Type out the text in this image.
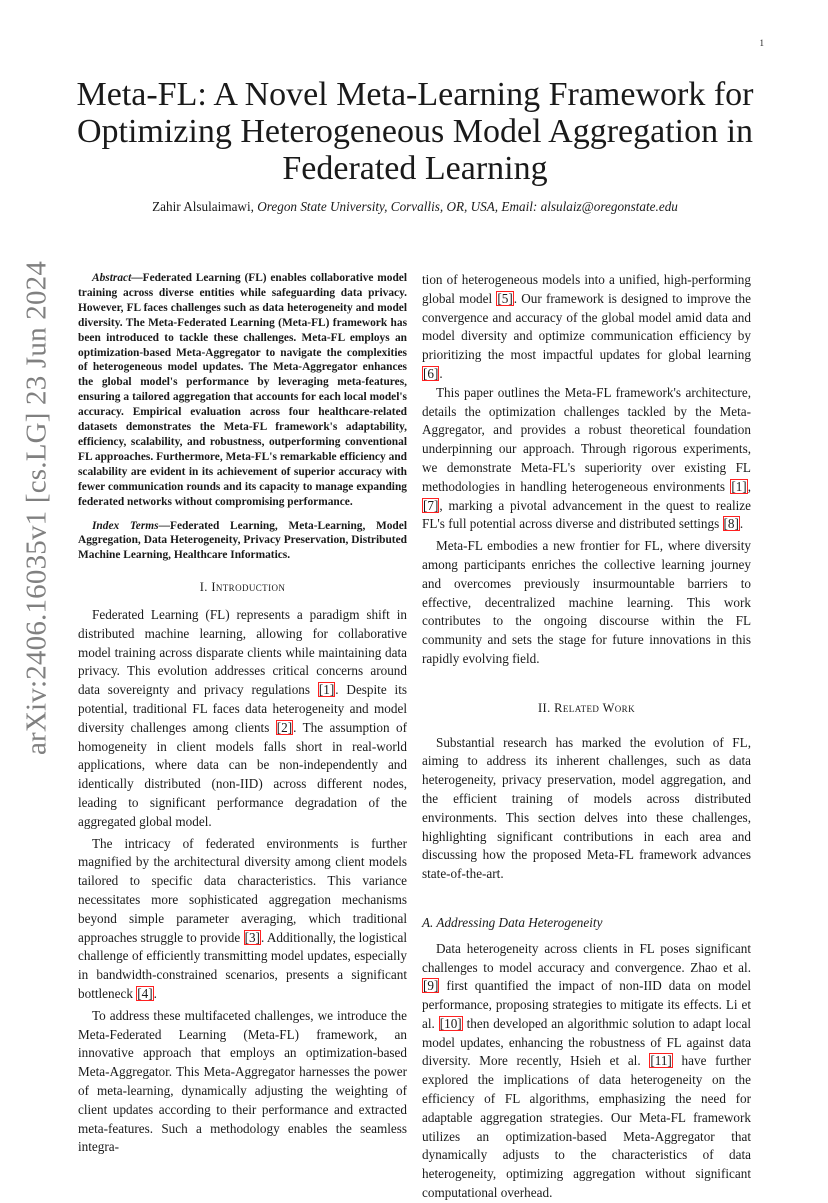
1
arXiv:2406.16035v1 [cs.LG] 23 Jun 2024
Meta-FL: A Novel Meta-Learning Framework for
Optimizing Heterogeneous Model Aggregation in
Federated Learning
Zahir Alsulaimawi, Oregon State University, Corvallis, OR, USA, Email: alsulaiz@oregonstate.edu

Abstract—Federated Learning (FL) enables collaborative model training across diverse entities while safeguarding data privacy. However, FL faces challenges such as data heterogeneity and model diversity. The Meta-Federated Learning (Meta-FL) framework has been introduced to tackle these challenges. Meta-FL employs an optimization-based Meta-Aggregator to navigate the complexities of heterogeneous model updates. The Meta-Aggregator enhances the global model's performance by leveraging meta-features, ensuring a tailored aggregation that accounts for each local model's accuracy. Empirical evaluation across four healthcare-related datasets demonstrates the Meta-FL framework's adaptability, efficiency, scalability, and robustness, outperforming conventional FL approaches. Furthermore, Meta-FL's remarkable efficiency and scalability are evident in its achievement of superior accuracy with fewer communication rounds and its capacity to manage expanding federated networks without compromising performance.

Index Terms—Federated Learning, Meta-Learning, Model Aggregation, Data Heterogeneity, Privacy Preservation, Distributed Machine Learning, Healthcare Informatics.

I. Introduction

Federated Learning (FL) represents a paradigm shift in distributed machine learning, allowing for collaborative model training across disparate clients while maintaining data privacy. This evolution addresses critical concerns around data sovereignty and privacy regulations [1]. Despite its potential, traditional FL faces data heterogeneity and model diversity challenges among clients [2]. The assumption of homogeneity in client models falls short in real-world applications, where data can be non-independently and identically distributed (non-IID) across different nodes, leading to significant performance degradation of the aggregated global model.

The intricacy of federated environments is further magnified by the architectural diversity among client models tailored to specific data characteristics. This variance necessitates more sophisticated aggregation mechanisms beyond simple parameter averaging, which traditional approaches struggle to provide [3]. Additionally, the logistical challenge of efficiently transmitting model updates, especially in bandwidth-constrained scenarios, presents a significant bottleneck [4].

To address these multifaceted challenges, we introduce the Meta-Federated Learning (Meta-FL) framework, an innovative approach that employs an optimization-based Meta-Aggregator. This Meta-Aggregator harnesses the power of meta-learning, dynamically adjusting the weighting of client updates according to their performance and extracted meta-features. Such a methodology enables the seamless integra-

tion of heterogeneous models into a unified, high-performing global model [5]. Our framework is designed to improve the convergence and accuracy of the global model amid data and model diversity and optimize communication efficiency by prioritizing the most impactful updates for global learning [6].

This paper outlines the Meta-FL framework's architecture, details the optimization challenges tackled by the Meta-Aggregator, and provides a robust theoretical foundation underpinning our approach. Through rigorous experiments, we demonstrate Meta-FL's superiority over existing FL methodologies in handling heterogeneous environments [1], [7], marking a pivotal advancement in the quest to realize FL's full potential across diverse and distributed settings [8].

Meta-FL embodies a new frontier for FL, where diversity among participants enriches the collective learning journey and overcomes previously insurmountable barriers to effective, decentralized machine learning. This work contributes to the ongoing discourse within the FL community and sets the stage for future innovations in this rapidly evolving field.

II. Related Work

Substantial research has marked the evolution of FL, aiming to address its inherent challenges, such as data heterogeneity, privacy preservation, model aggregation, and the efficient training of models across distributed environments. This section delves into these challenges, highlighting significant contributions in each area and discussing how the proposed Meta-FL framework advances state-of-the-art.

A. Addressing Data Heterogeneity

Data heterogeneity across clients in FL poses significant challenges to model accuracy and convergence. Zhao et al. [9] first quantified the impact of non-IID data on model performance, proposing strategies to mitigate its effects. Li et al. [10] then developed an algorithmic solution to adapt local model updates, enhancing the robustness of FL against data diversity. More recently, Hsieh et al. [11] have further explored the implications of data heterogeneity on the efficiency of FL algorithms, emphasizing the need for adaptable aggregation strategies. Our Meta-FL framework utilizes an optimization-based Meta-Aggregator that dynamically adjusts to the characteristics of data heterogeneity, optimizing aggregation without significant computational overhead.
